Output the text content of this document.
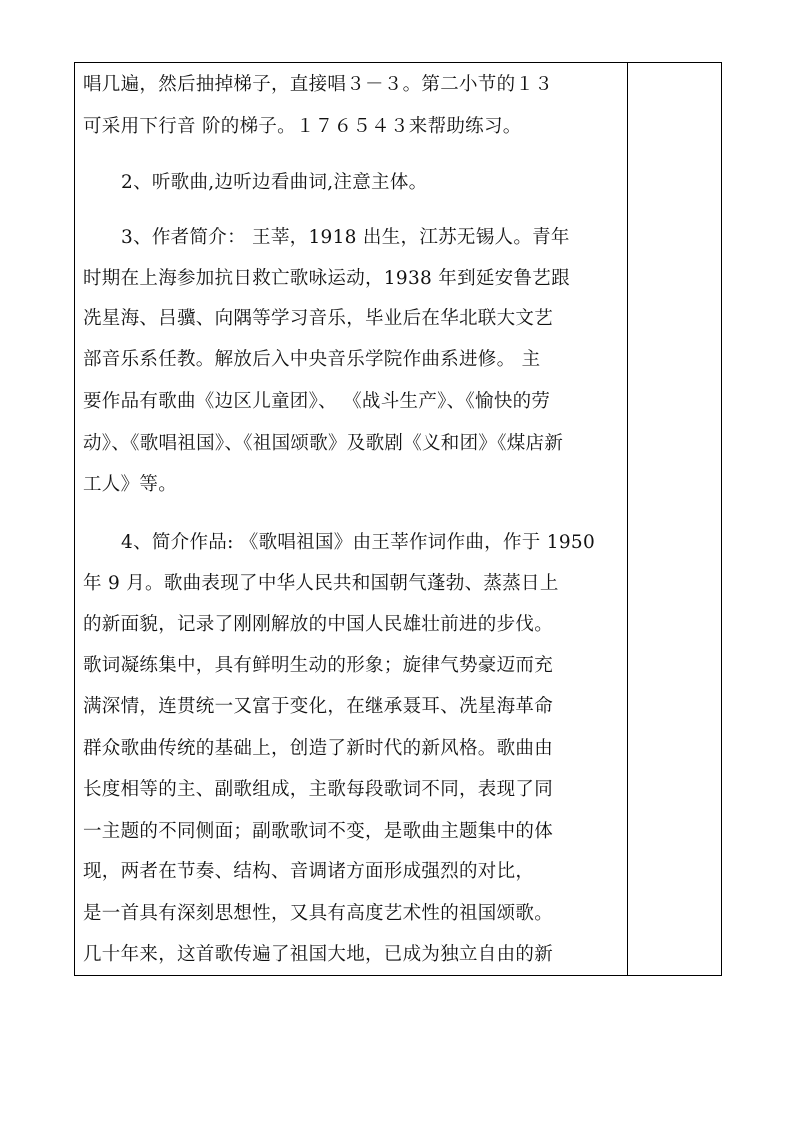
唱几遍，然后抽掉梯子，直接唱３－３。第二小节的１３
可采用下行音 阶的梯子。１７６５４３来帮助练习。
2、听歌曲,边听边看曲词,注意主体。
3、作者简介： 王莘，1918 出生，江苏无锡人。青年
时期在上海参加抗日救亡歌咏运动，1938 年到延安鲁艺跟
冼星海、吕骥、向隅等学习音乐，毕业后在华北联大文艺
部音乐系任教。解放后入中央音乐学院作曲系进修。 主
要作品有歌曲《边区儿童团》、 《战斗生产》、《愉快的劳
动》、《歌唱祖国》、《祖国颂歌》及歌剧《义和团》《煤店新
工人》等。
4、简介作品: 《歌唱祖国》由王莘作词作曲，作于 1950
年 9 月。歌曲表现了中华人民共和国朝气蓬勃、蒸蒸日上
的新面貌，记录了刚刚解放的中国人民雄壮前进的步伐。
歌词凝练集中，具有鲜明生动的形象；旋律气势豪迈而充
满深情，连贯统一又富于变化，在继承聂耳、冼星海革命
群众歌曲传统的基础上，创造了新时代的新风格。歌曲由
长度相等的主、副歌组成，主歌每段歌词不同，表现了同
一主题的不同侧面；副歌歌词不变，是歌曲主题集中的体
现，两者在节奏、结构、音调诸方面形成强烈的对比，
是一首具有深刻思想性，又具有高度艺术性的祖国颂歌。
几十年来，这首歌传遍了祖国大地，已成为独立自由的新
